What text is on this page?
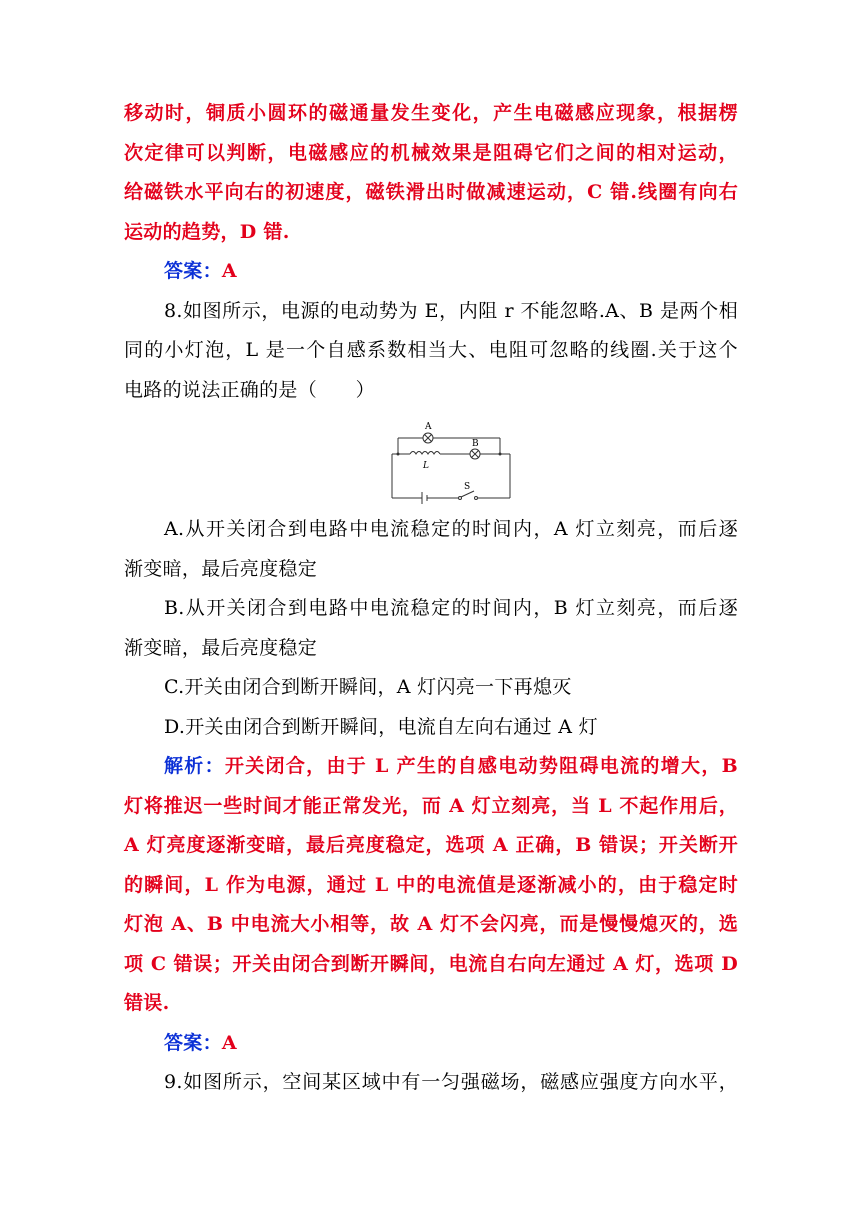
移动时，铜质小圆环的磁通量发生变化，产生电磁感应现象，根据楞
次定律可以判断，电磁感应的机械效果是阻碍它们之间的相对运动，
给磁铁水平向右的初速度，磁铁滑出时做减速运动，C 错.线圈有向右
运动的趋势，D 错.
答案：A
8.如图所示，电源的电动势为 E，内阻 r 不能忽略.A、B 是两个相
同的小灯泡，L 是一个自感系数相当大、电阻可忽略的线圈.关于这个
电路的说法正确的是（　　）
A
B
L
S
A.从开关闭合到电路中电流稳定的时间内，A 灯立刻亮，而后逐
渐变暗，最后亮度稳定
B.从开关闭合到电路中电流稳定的时间内，B 灯立刻亮，而后逐
渐变暗，最后亮度稳定
C.开关由闭合到断开瞬间，A 灯闪亮一下再熄灭
D.开关由闭合到断开瞬间，电流自左向右通过 A 灯
解析：开关闭合，由于 L 产生的自感电动势阻碍电流的增大，B
灯将推迟一些时间才能正常发光，而 A 灯立刻亮，当 L 不起作用后，
A 灯亮度逐渐变暗，最后亮度稳定，选项 A 正确，B 错误；开关断开
的瞬间，L 作为电源，通过 L 中的电流值是逐渐减小的，由于稳定时
灯泡 A、B 中电流大小相等，故 A 灯不会闪亮，而是慢慢熄灭的，选
项 C 错误；开关由闭合到断开瞬间，电流自右向左通过 A 灯，选项 D
错误.
答案：A
9.如图所示，空间某区域中有一匀强磁场，磁感应强度方向水平，
